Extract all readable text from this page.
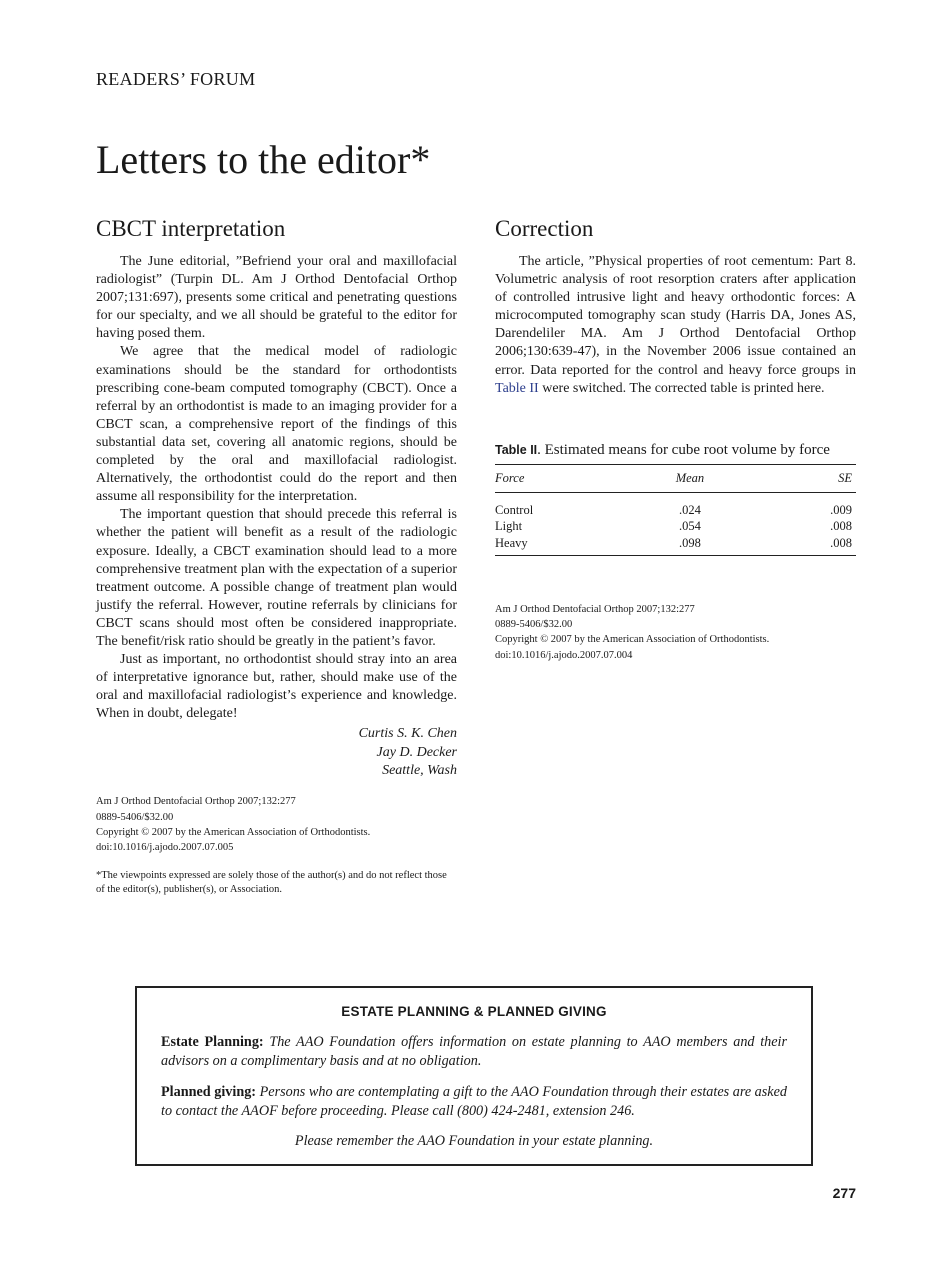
READERS’ FORUM
Letters to the editor*
CBCT interpretation

The June editorial, ”Befriend your oral and maxillofacial radiologist” (Turpin DL. Am J Orthod Dentofacial Orthop 2007;131:697), presents some critical and penetrating questions for our specialty, and we all should be grateful to the editor for having posed them.

We agree that the medical model of radiologic examinations should be the standard for orthodontists prescribing cone-beam computed tomography (CBCT). Once a referral by an orthodontist is made to an imaging provider for a CBCT scan, a comprehensive report of the findings of this substantial data set, covering all anatomic regions, should be completed by the oral and maxillofacial radiologist. Alternatively, the orthodontist could do the report and then assume all responsibility for the interpretation.

The important question that should precede this referral is whether the patient will benefit as a result of the radiologic exposure. Ideally, a CBCT examination should lead to a more comprehensive treatment plan with the expectation of a superior treatment outcome. A possible change of treatment plan would justify the referral. However, routine referrals by clinicians for CBCT scans should most often be considered inappropriate. The benefit/risk ratio should be greatly in the patient’s favor.

Just as important, no orthodontist should stray into an area of interpretative ignorance but, rather, should make use of the oral and maxillofacial radiologist’s experience and knowledge. When in doubt, delegate!

Curtis S. K. Chen
Jay D. Decker
Seattle, Wash
Am J Orthod Dentofacial Orthop 2007;132:277
0889-5406/$32.00
Copyright © 2007 by the American Association of Orthodontists.
doi:10.1016/j.ajodo.2007.07.005
*The viewpoints expressed are solely those of the author(s) and do not reflect those of the editor(s), publisher(s), or Association.
Correction

The article, ”Physical properties of root cementum: Part 8. Volumetric analysis of root resorption craters after application of controlled intrusive light and heavy orthodontic forces: A microcomputed tomography scan study (Harris DA, Jones AS, Darendeliler MA. Am J Orthod Dentofacial Orthop 2006;130:639-47), in the November 2006 issue contained an error. Data reported for the control and heavy force groups in Table II were switched. The corrected table is printed here.

Table II. Estimated means for cube root volume by force
Force	Mean	SE
Control	.024	.009
Light	.054	.008
Heavy	.098	.008
Am J Orthod Dentofacial Orthop 2007;132:277
0889-5406/$32.00
Copyright © 2007 by the American Association of Orthodontists.
doi:10.1016/j.ajodo.2007.07.004
ESTATE PLANNING & PLANNED GIVING

Estate Planning: The AAO Foundation offers information on estate planning to AAO members and their advisors on a complimentary basis and at no obligation.

Planned giving: Persons who are contemplating a gift to the AAO Foundation through their estates are asked to contact the AAOF before proceeding. Please call (800) 424-2481, extension 246.

Please remember the AAO Foundation in your estate planning.
277
